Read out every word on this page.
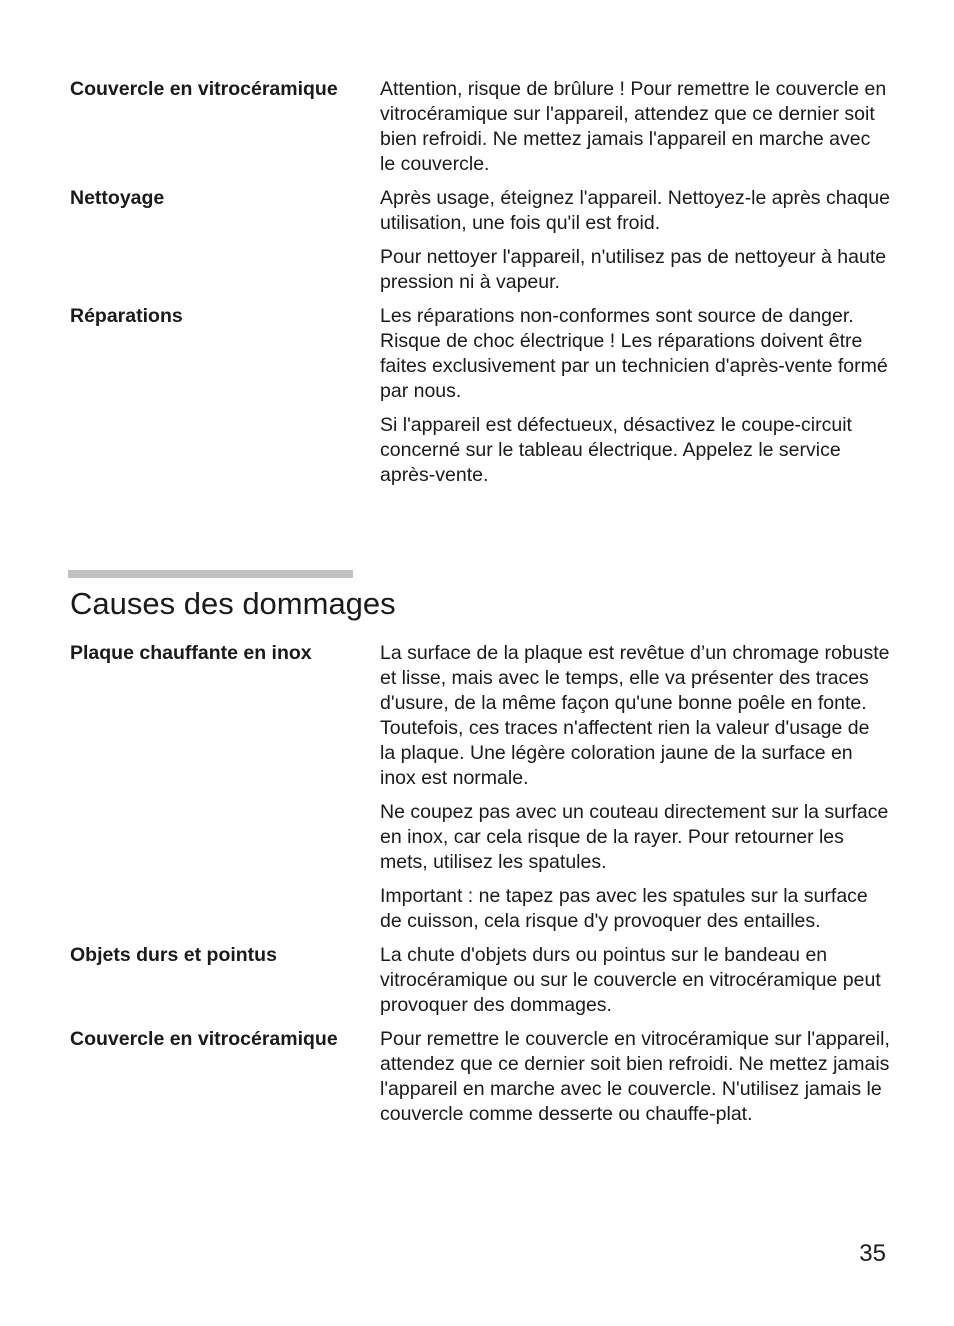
Couvercle en vitrocéramique	Attention, risque de brûlure ! Pour remettre le couvercle en vitrocéramique sur l'appareil, attendez que ce dernier soit bien refroidi. Ne mettez jamais l'appareil en marche avec le couvercle.

Nettoyage	Après usage, éteignez l'appareil. Nettoyez-le après chaque utilisation, une fois qu'il est froid.

Pour nettoyer l'appareil, n'utilisez pas de nettoyeur à haute pression ni à vapeur.

Réparations	Les réparations non-conformes sont source de danger. Risque de choc électrique ! Les réparations doivent être faites exclusivement par un technicien d'après-vente formé par nous.

Si l'appareil est défectueux, désactivez le coupe-circuit concerné sur le tableau électrique. Appelez le service après-vente.

Causes des dommages
Plaque chauffante en inox	La surface de la plaque est revêtue d’un chromage robuste et lisse, mais avec le temps, elle va présenter des traces d'usure, de la même façon qu'une bonne poêle en fonte. Toutefois, ces traces n'affectent rien la valeur d'usage de la plaque. Une légère coloration jaune de la surface en inox est normale.

Ne coupez pas avec un couteau directement sur la surface en inox, car cela risque de la rayer. Pour retourner les mets, utilisez les spatules.

Important : ne tapez pas avec les spatules sur la surface de cuisson, cela risque d'y provoquer des entailles.

Objets durs et pointus	La chute d'objets durs ou pointus sur le bandeau en vitrocéramique ou sur le couvercle en vitrocéramique peut provoquer des dommages.

Couvercle en vitrocéramique	Pour remettre le couvercle en vitrocéramique sur l'appareil, attendez que ce dernier soit bien refroidi. Ne mettez jamais l'appareil en marche avec le couvercle. N'utilisez jamais le couvercle comme desserte ou chauffe-plat.

35
